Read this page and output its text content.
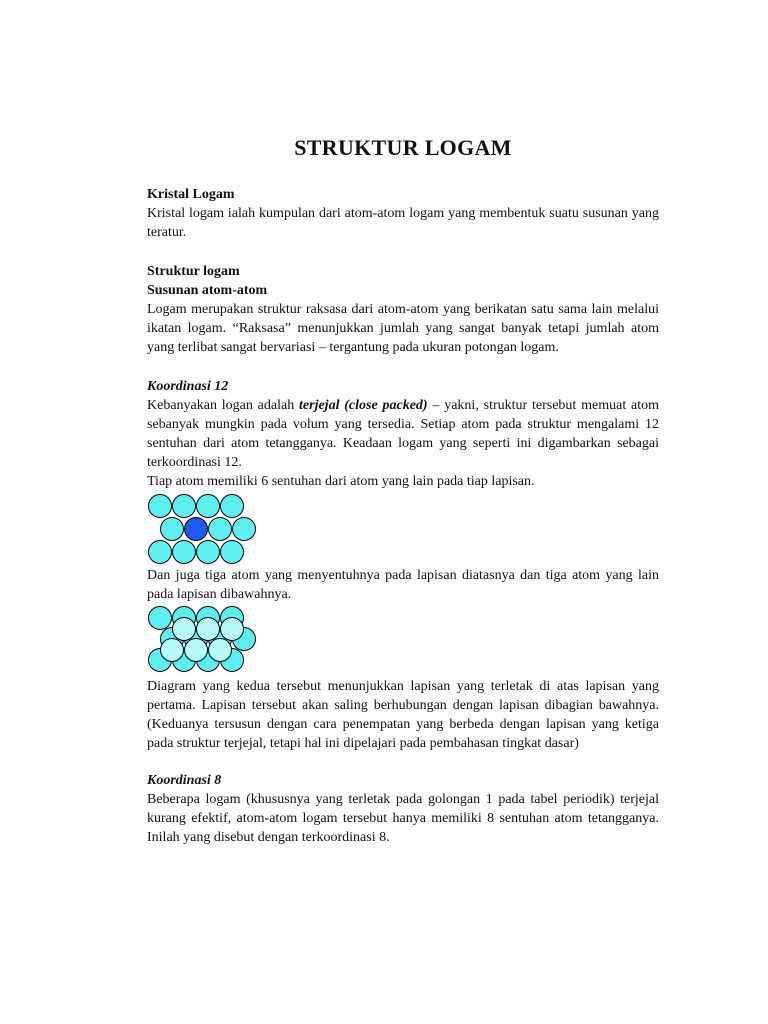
STRUKTUR LOGAM
Kristal Logam

Kristal logam ialah kumpulan dari atom-atom logam yang membentuk suatu susunan yang teratur.

Struktur logam
Susunan atom-atom

Logam merupakan struktur raksasa dari atom-atom yang berikatan satu sama lain melalui ikatan logam. “Raksasa” menunjukkan jumlah yang sangat banyak tetapi jumlah atom yang terlibat sangat bervariasi – tergantung pada ukuran potongan logam.

Koordinasi 12

Kebanyakan logan adalah terjejal (close packed) – yakni, struktur tersebut memuat atom sebanyak mungkin pada volum yang tersedia. Setiap atom pada struktur mengalami 12 sentuhan dari atom tetangganya. Keadaan logam yang seperti ini digambarkan sebagai terkoordinasi 12.

Tiap atom memiliki 6 sentuhan dari atom yang lain pada tiap lapisan.

Dan juga tiga atom yang menyentuhnya pada lapisan diatasnya dan tiga atom yang lain pada lapisan dibawahnya.

Diagram yang kedua tersebut menunjukkan lapisan yang terletak di atas lapisan yang pertama. Lapisan tersebut akan saling berhubungan dengan lapisan dibagian bawahnya. (Keduanya tersusun dengan cara penempatan yang berbeda dengan lapisan yang ketiga pada struktur terjejal, tetapi hal ini dipelajari pada pembahasan tingkat dasar)

Koordinasi 8

Beberapa logam (khususnya yang terletak pada golongan 1 pada tabel periodik) terjejal kurang efektif, atom-atom logam tersebut hanya memiliki 8 sentuhan atom tetangganya. Inilah yang disebut dengan terkoordinasi 8.
